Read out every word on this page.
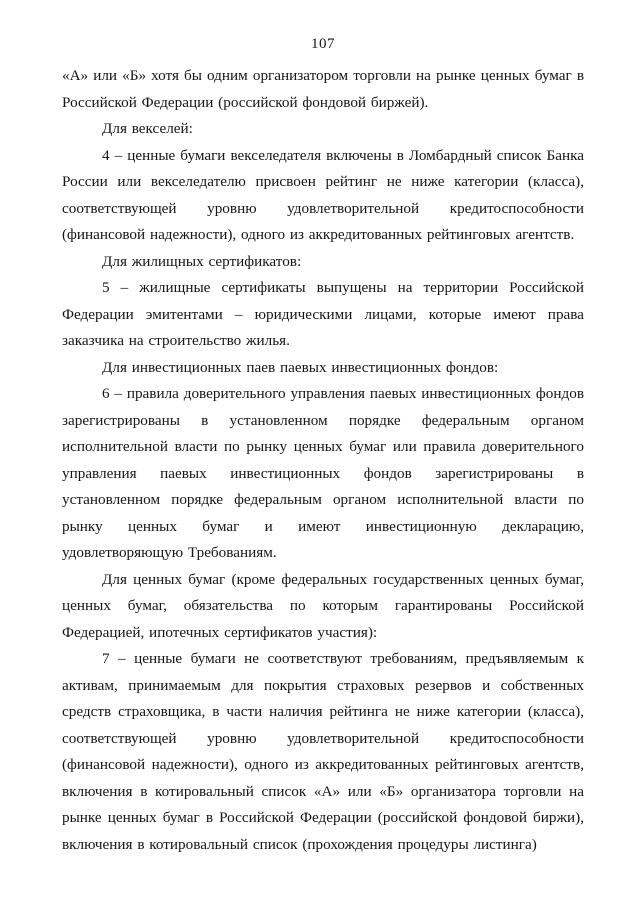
107

«А» или «Б» хотя бы одним организатором торговли на рынке ценных бумаг в Российской Федерации (российской фондовой биржей).

Для векселей:

4 – ценные бумаги векселедателя включены в Ломбардный список Банка России или векселедателю присвоен рейтинг не ниже категории (класса), соответствующей уровню удовлетворительной кредитоспособности (финансовой надежности), одного из аккредитованных рейтинговых агентств.

Для жилищных сертификатов:

5 – жилищные сертификаты выпущены на территории Российской Федерации эмитентами – юридическими лицами, которые имеют права заказчика на строительство жилья.

Для инвестиционных паев паевых инвестиционных фондов:

6 – правила доверительного управления паевых инвестиционных фондов зарегистрированы в установленном порядке федеральным органом исполнительной власти по рынку ценных бумаг или правила доверительного управления паевых инвестиционных фондов зарегистрированы в установленном порядке федеральным органом исполнительной власти по рынку ценных бумаг и имеют инвестиционную декларацию, удовлетворяющую Требованиям.

Для ценных бумаг (кроме федеральных государственных ценных бумаг, ценных бумаг, обязательства по которым гарантированы Российской Федерацией, ипотечных сертификатов участия):

7 – ценные бумаги не соответствуют требованиям, предъявляемым к активам, принимаемым для покрытия страховых резервов и собственных средств страховщика, в части наличия рейтинга не ниже категории (класса), соответствующей уровню удовлетворительной кредитоспособности (финансовой надежности), одного из аккредитованных рейтинговых агентств, включения в котировальный список «А» или «Б» организатора торговли на рынке ценных бумаг в Российской Федерации (российской фондовой биржи), включения в котировальный список (прохождения процедуры листинга)
